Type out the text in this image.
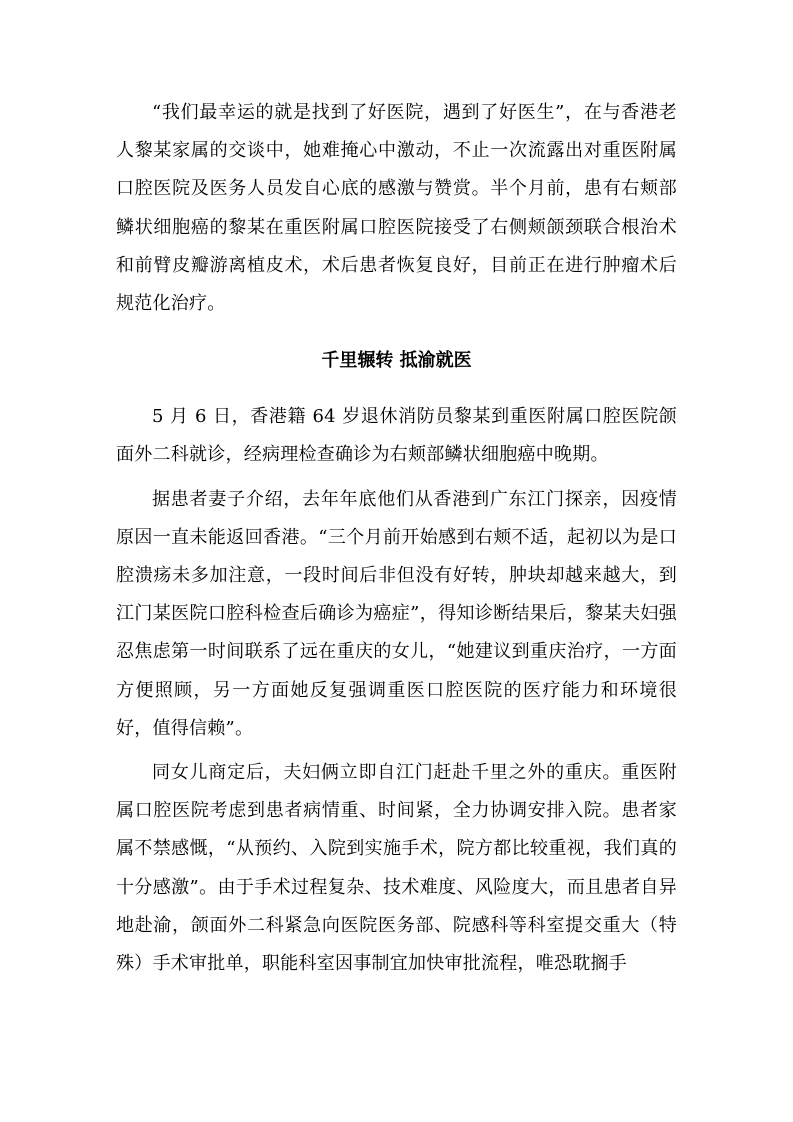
“我们最幸运的就是找到了好医院，遇到了好医生”，在与香港老人黎某家属的交谈中，她难掩心中激动，不止一次流露出对重医附属口腔医院及医务人员发自心底的感激与赞赏。半个月前，患有右颊部鳞状细胞癌的黎某在重医附属口腔医院接受了右侧颊颌颈联合根治术和前臂皮瓣游离植皮术，术后患者恢复良好，目前正在进行肿瘤术后规范化治疗。

千里辗转 抵渝就医

5 月 6 日，香港籍 64 岁退休消防员黎某到重医附属口腔医院颌面外二科就诊，经病理检查确诊为右颊部鳞状细胞癌中晚期。

据患者妻子介绍，去年年底他们从香港到广东江门探亲，因疫情原因一直未能返回香港。“三个月前开始感到右颊不适，起初以为是口腔溃疡未多加注意，一段时间后非但没有好转，肿块却越来越大，到江门某医院口腔科检查后确诊为癌症”，得知诊断结果后，黎某夫妇强忍焦虑第一时间联系了远在重庆的女儿，“她建议到重庆治疗，一方面方便照顾，另一方面她反复强调重医口腔医院的医疗能力和环境很好，值得信赖”。

同女儿商定后，夫妇俩立即自江门赶赴千里之外的重庆。重医附属口腔医院考虑到患者病情重、时间紧，全力协调安排入院。患者家属不禁感慨，“从预约、入院到实施手术，院方都比较重视，我们真的十分感激”。由于手术过程复杂、技术难度、风险度大，而且患者自异地赴渝，颌面外二科紧急向医院医务部、院感科等科室提交重大（特殊）手术审批单，职能科室因事制宜加快审批流程，唯恐耽搁手
